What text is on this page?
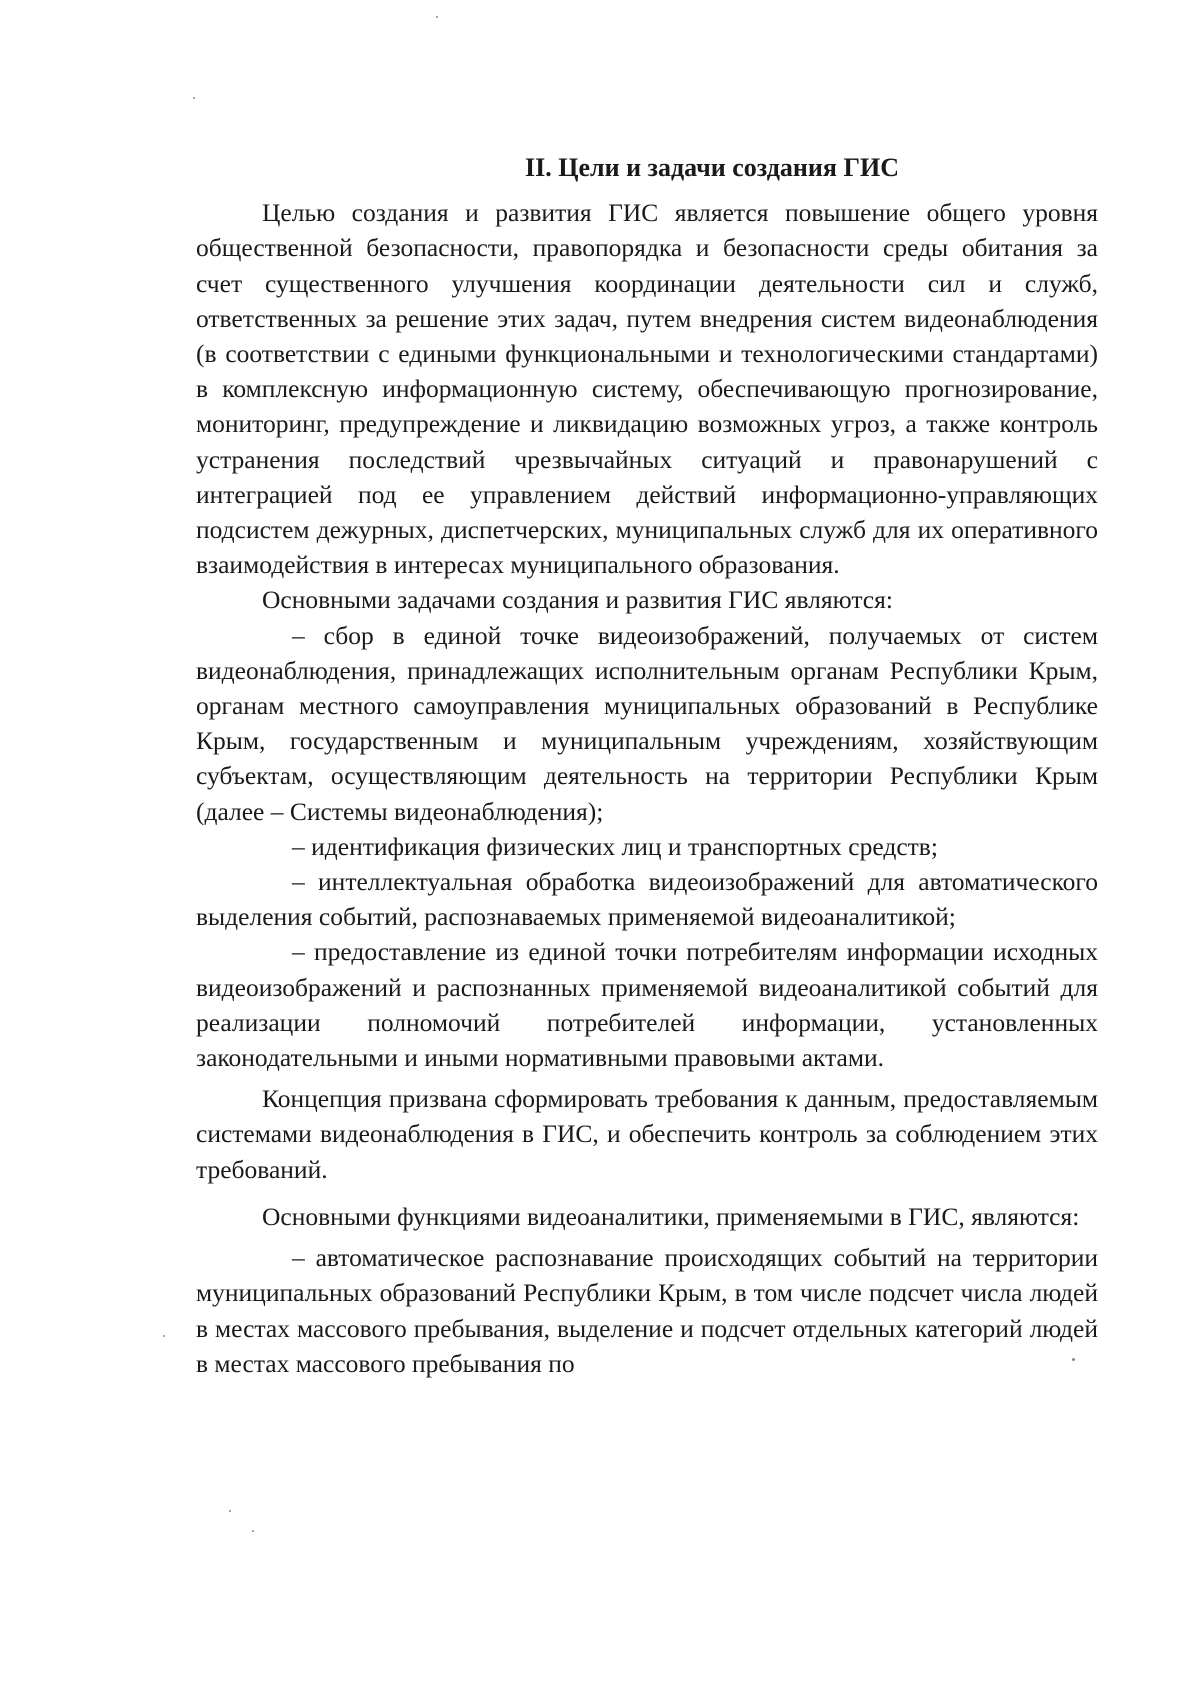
II. Цели и задачи создания ГИС

Целью создания и развития ГИС является повышение общего уровня общественной безопасности, правопорядка и безопасности среды обитания за счет существенного улучшения координации деятельности сил и служб, ответственных за решение этих задач, путем внедрения систем видеонаблюдения (в соответствии с едиными функциональными и технологическими стандартами) в комплексную информационную систему, обеспечивающую прогнозирование, мониторинг, предупреждение и ликвидацию возможных угроз, а также контроль устранения последствий чрезвычайных ситуаций и правонарушений с интеграцией под ее управлением действий информационно-управляющих подсистем дежурных, диспетчерских, муниципальных служб для их оперативного взаимодействия в интересах муниципального образования.

Основными задачами создания и развития ГИС являются:

– сбор в единой точке видеоизображений, получаемых от систем видеонаблюдения, принадлежащих исполнительным органам Республики Крым, органам местного самоуправления муниципальных образований в Республике Крым, государственным и муниципальным учреждениям, хозяйствующим субъектам, осуществляющим деятельность на территории Республики Крым (далее – Системы видеонаблюдения);

– идентификация физических лиц и транспортных средств;

– интеллектуальная обработка видеоизображений для автоматического выделения событий, распознаваемых применяемой видеоаналитикой;

– предоставление из единой точки потребителям информации исходных видеоизображений и распознанных применяемой видеоаналитикой событий для реализации полномочий потребителей информации, установленных законодательными и иными нормативными правовыми актами.

Концепция призвана сформировать требования к данным, предоставляемым системами видеонаблюдения в ГИС, и обеспечить контроль за соблюдением этих требований.

Основными функциями видеоаналитики, применяемыми в ГИС, являются:

– автоматическое распознавание происходящих событий на территории муниципальных образований Республики Крым, в том числе подсчет числа людей в местах массового пребывания, выделение и подсчет отдельных категорий людей в местах массового пребывания по
